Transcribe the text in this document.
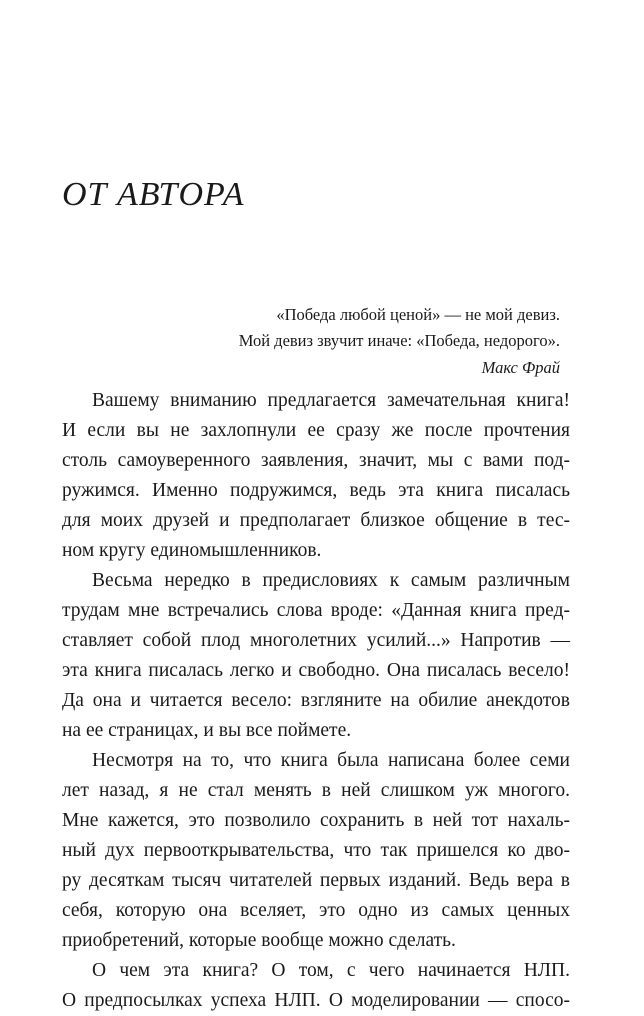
ОТ АВТОРА

«Победа любой ценой» — не мой девиз.

Мой девиз звучит иначе: «Победа, недорого».

Макс Фрай

Вашему вниманию предлагается замечательная книга!
И если вы не захлопнули ее сразу же после прочтения
столь самоуверенного заявления, значит, мы с вами под-
ружимся. Именно подружимся, ведь эта книга писалась
для моих друзей и предполагает близкое общение в тес-
ном кругу единомышленников.
Весьма нередко в предисловиях к самым различным
трудам мне встречались слова вроде: «Данная книга пред-
ставляет собой плод многолетних усилий...» Напротив —
эта книга писалась легко и свободно. Она писалась весело!
Да она и читается весело: взгляните на обилие анекдотов
на ее страницах, и вы все поймете.
Несмотря на то, что книга была написана более семи
лет назад, я не стал менять в ней слишком уж многого.
Мне кажется, это позволило сохранить в ней тот нахаль-
ный дух первооткрывательства, что так пришелся ко дво-
ру десяткам тысяч читателей первых изданий. Ведь вера в
себя, которую она вселяет, это одно из самых ценных
приобретений, которые вообще можно сделать.
О чем эта книга? О том, с чего начинается НЛП.
О предпосылках успеха НЛП. О моделировании — спосо-
